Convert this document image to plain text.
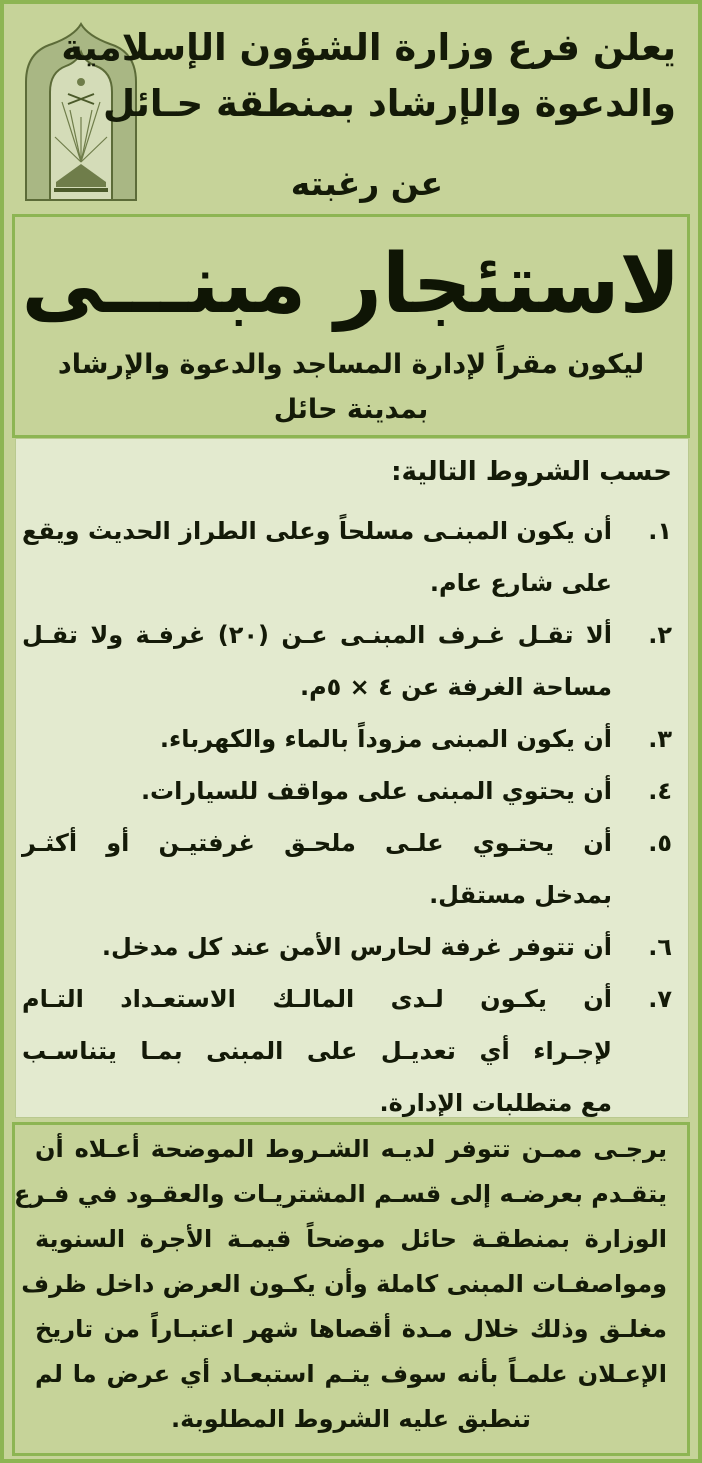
يعلن فرع وزارة الشؤون الإسلامية
والدعوة والإرشاد بمنطقة حـائل
عن رغبته
لاستئجار مبنـــى
ليكون مقراً لإدارة المساجد والدعوة والإرشاد
بمدينة حائل
حسب الشروط التالية:
١.
أن يكون المبنـى مسلحاً وعلى الطراز الحديث ويقع
على شارع عام.
٢.
ألا تقـل غـرف المبنـى عـن (٢٠) غرفـة ولا تقـل
مساحة الغرفة عن ٤ × ٥م.
٣.
أن يكون المبنى مزوداً بالماء والكهرباء.
٤.
أن يحتوي المبنى على مواقف للسيارات.
٥.
أن يحتـوي علـى ملحـق غرفتيـن أو أكثـر
بمدخل مستقل.
٦.
أن تتوفر غرفة لحارس الأمن عند كل مدخل.
٧.
أن يكـون لـدى المالـك الاستعـداد التـام
لإجـراء أي تعديـل على المبنى بمـا يتناسـب
مع متطلبات الإدارة.
يرجـى ممـن تتوفر لديـه الشـروط الموضحة أعـلاه أن
يتقـدم بعرضـه إلى قسـم المشتريـات والعقـود في فـرع
الوزارة بمنطقـة حائل موضحاً قيمـة الأجرة السنوية
ومواصفـات المبنى كاملة وأن يكـون العرض داخل ظرف
مغلـق وذلك خلال مـدة أقصاها شهر اعتبـاراً من تاريخ
الإعـلان علمـاً بأنه سوف يتـم استبعـاد أي عرض ما لم
تنطبق عليه الشروط المطلوبة.
